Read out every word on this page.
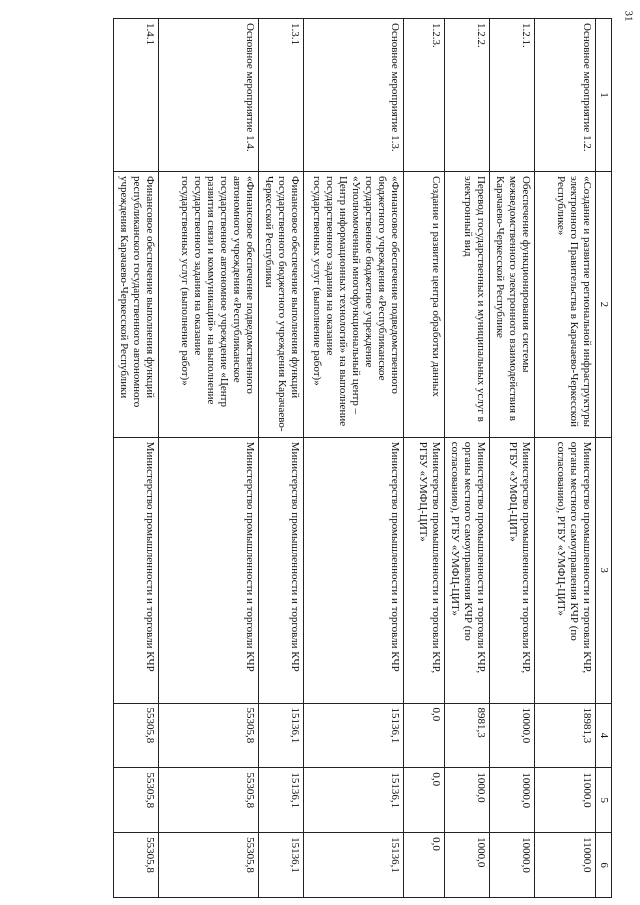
31
1	2	3	4	5	6
Основное мероприятие 1.2.	«Создание и развитие региональной инфраструктуры электронного Правительства в Карачаево-Черкесской Республике»	Министерство промышленности и торговли КЧР, органы местного самоуправления КЧР (по согласованию), РГБУ «УМФЦ-ЦИТ»	18981,3	11000,0	11000,0
1.2.1.	Обеспечение функционирования системы межведомственного электронного взаимодействия в Карачаево-Черкесской Республике	Министерство промышленности и торговли КЧР, РГБУ «УМФЦ-ЦИТ»	10000,0	10000,0	10000,0
1.2.2.	Перевод государственных и муниципальных услуг в электронный вид	Министерство промышленности и торговли КЧР, органы местного самоуправления КЧР (по согласованию), РГБУ «УМФЦ-ЦИТ»	8981,3	1000,0	1000,0
1.2.3.	Создание и развитие центра обработки данных	Министерство промышленности и торговли КЧР, РГБУ «УМФЦ-ЦИТ»	0,0	0,0	0,0
Основное мероприятие 1.3.	«Финансовое обеспечение подведомственного бюджетного учреждения «Республиканское государственное бюджетное учреждение «Уполномоченный многофункциональный центр – Центр информационных технологий» на выполнение государственного задания на оказание государственных услуг (выполнение работ)»	Министерство промышленности и торговли КЧР	15136,1	15136,1	15136,1
1.3.1	Финансовое обеспечение выполнения функций государственного бюджетного учреждения Карачаево-Черкесской Республики	Министерство промышленности и торговли КЧР	15136,1	15136,1	15136,1
Основное мероприятие 1.4.	«Финансовое обеспечение подведомственного автономного учреждения «Республиканское государственное автономное учреждение «Центр развития связи и коммуникаций» на выполнение государственного задания на оказание государственных услуг (выполнение работ)»	Министерство промышленности и торговли КЧР	55305,8	55305,8	55305,8
1.4.1	Финансовое обеспечение выполнения функций республиканского государственного автономного учреждения Карачаево-Черкесской Республики	Министерство промышленности и торговли КЧР	55305,8	55305,8	55305,8
